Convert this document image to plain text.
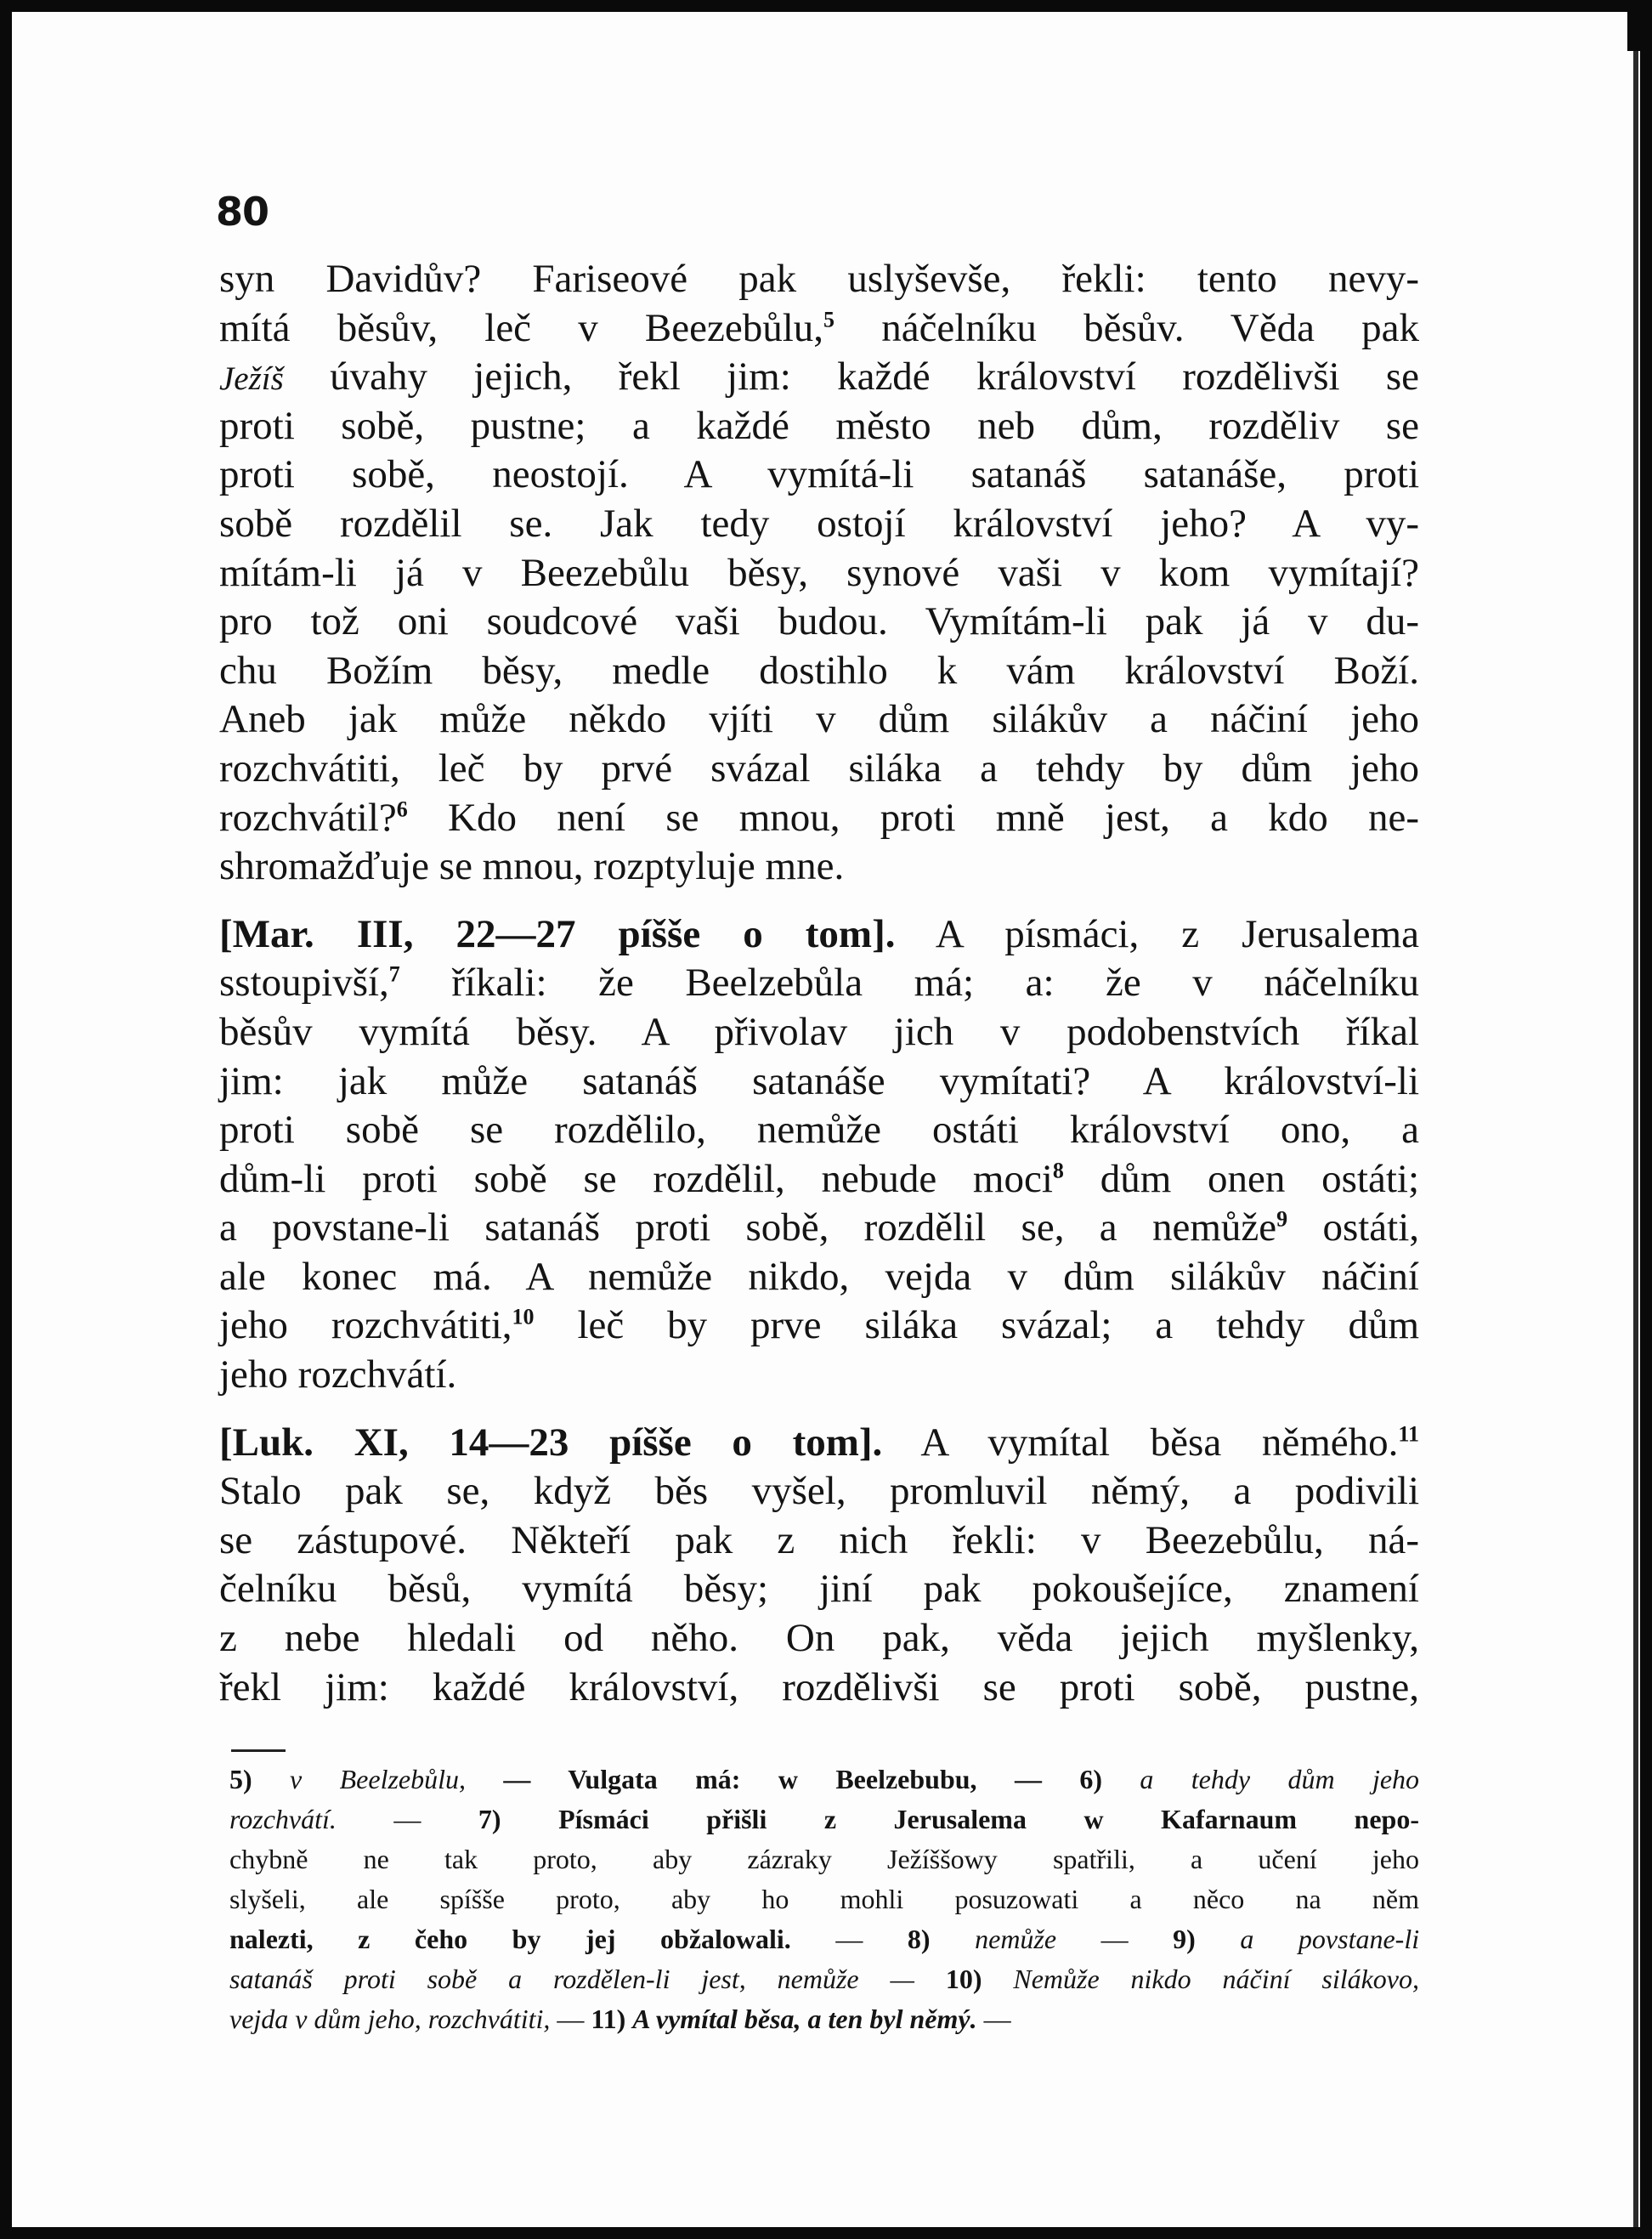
80
syn Davidův? Fariseové pak uslyševše, řekli: tento nevy-
mítá běsův, leč v Beezebůlu,$^5$ náčelníku běsův. Věda pak
Ježíš úvahy jejich, řekl jim: každé království rozdělivši se
proti sobě, pustne; a každé město neb dům, rozděliv se
proti sobě, neostojí. A vymítá-li satanáš satanáše, proti
sobě rozdělil se. Jak tedy ostojí království jeho? A vy-
mítám-li já v Beezebůlu běsy, synové vaši v kom vymítají?
pro tož oni soudcové vaši budou. Vymítám-li pak já v du-
chu Božím běsy, medle dostihlo k vám království Boží.
Aneb jak může někdo vjíti v dům silákův a náčiní jeho
rozchvátiti, leč by prvé svázal siláka a tehdy by dům jeho
rozchvátil?$^6$ Kdo není se mnou, proti mně jest, a kdo ne-
shromažďuje se mnou, rozptyluje mne.
[Mar. III, 22—27 píšše o tom]. A písmáci, z Jerusalema
sstoupivší,$^7$ říkali: že Beelzebůla má; a: že v náčelníku
běsův vymítá běsy. A přivolav jich v podobenstvích říkal
jim: jak může satanáš satanáše vymítati? A království-li
proti sobě se rozdělilo, nemůže ostáti království ono, a
dům-li proti sobě se rozdělil, nebude moci$^8$ dům onen ostáti;
a povstane-li satanáš proti sobě, rozdělil se, a nemůže$^9$ ostáti,
ale konec má. A nemůže nikdo, vejda v dům silákův náčiní
jeho rozchvátiti,$^{10}$ leč by prve siláka svázal; a tehdy dům
jeho rozchvátí.
[Luk. XI, 14—23 píšše o tom]. A vymítal běsa němého.$^{11}$
Stalo pak se, když běs vyšel, promluvil němý, a podivili
se zástupové. Někteří pak z nich řekli: v Beezebůlu, ná-
čelníku běsů, vymítá běsy; jiní pak pokoušejíce, znamení
z nebe hledali od něho. On pak, věda jejich myšlenky,
řekl jim: každé království, rozdělivši se proti sobě, pustne,
5) v Beelzebůlu, — Vulgata má: w Beelzebubu, — 6) a tehdy dům jeho
rozchvátí. — 7) Písmáci přišli z Jerusalema w Kafarnaum nepo-
chybně ne tak proto, aby zázraky Ježíššowy spatřili, a učení jeho
slyšeli, ale spíšše proto, aby ho mohli posuzowati a něco na něm
nalezti, z čeho by jej obžalowali. — 8) nemůže — 9) a povstane-li
satanáš proti sobě a rozdělen-li jest, nemůže — 10) Nemůže nikdo náčiní silákovo,
vejda v dům jeho, rozchvátiti, — 11) A vymítal běsa, a ten byl němý. —
